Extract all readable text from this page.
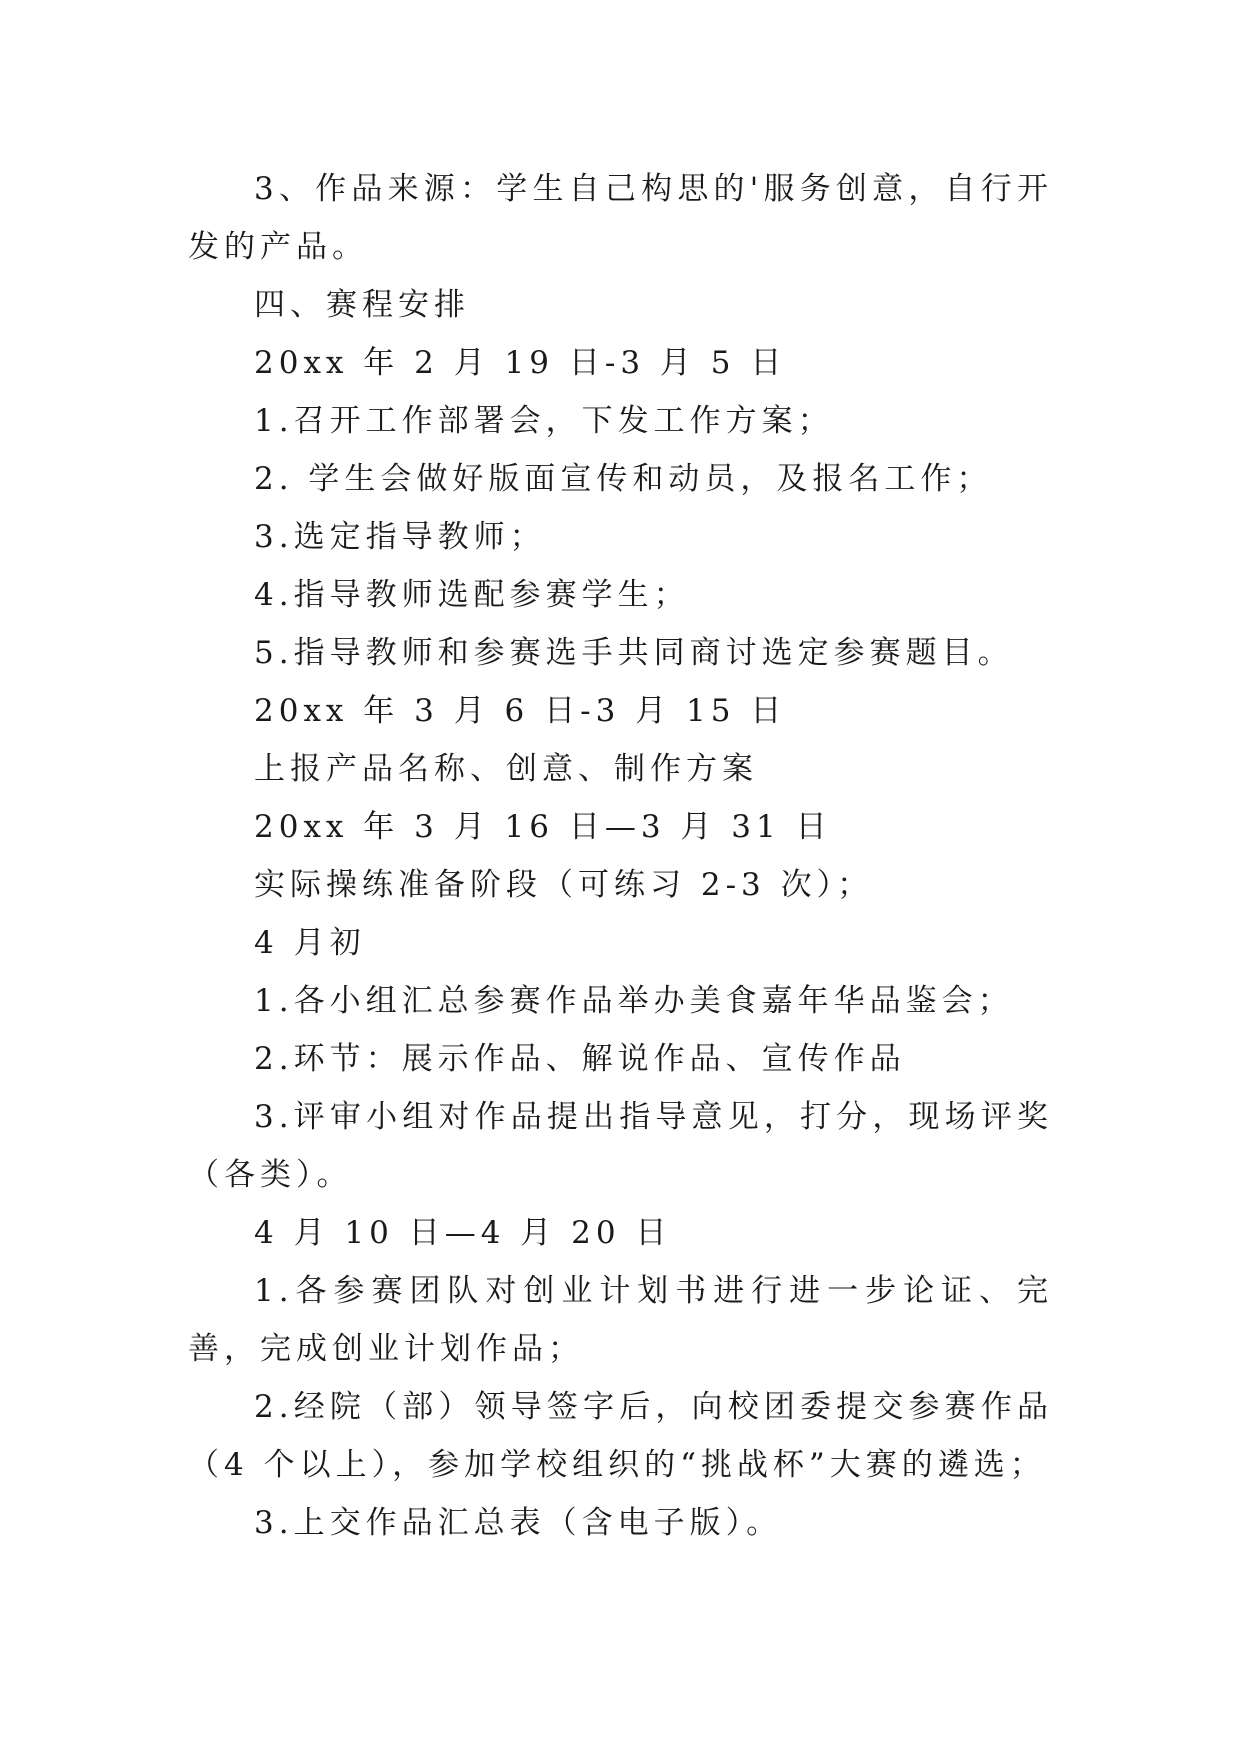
3、作品来源：学生自己构思的'服务创意，自行开发的产品。

四、赛程安排

20xx 年 2 月 19 日-3 月 5 日

1.召开工作部署会，下发工作方案；

2. 学生会做好版面宣传和动员，及报名工作；

3.选定指导教师；

4.指导教师选配参赛学生；

5.指导教师和参赛选手共同商讨选定参赛题目。

20xx 年 3 月 6 日-3 月 15 日

上报产品名称、创意、制作方案

20xx 年 3 月 16 日—3 月 31 日

实际操练准备阶段（可练习 2-3 次）；

4 月初

1.各小组汇总参赛作品举办美食嘉年华品鉴会；

2.环节：展示作品、解说作品、宣传作品

3.评审小组对作品提出指导意见，打分，现场评奖（各类）。

4 月 10 日—4 月 20 日

1.各参赛团队对创业计划书进行进一步论证、完善，完成创业计划作品；

2.经院（部）领导签字后，向校团委提交参赛作品（4 个以上），参加学校组织的“挑战杯”大赛的遴选；

3.上交作品汇总表（含电子版）。
